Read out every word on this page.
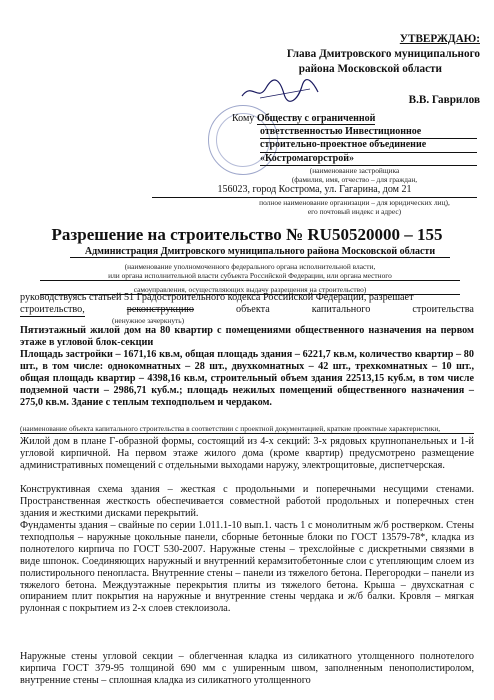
УТВЕРЖДАЮ:
Глава Дмитровского муниципального
района Московской области
В.В. Гаврилов
Кому Обществу с ограниченной
ответственностью Инвестиционное
строительно-проектное объединение
«Костромагорстрой»
(наименование застройщика
(фамилия, имя, отчество – для граждан,
156023, город Кострома, ул. Гагарина, дом 21
полное наименование организации – для юридических лиц),
его почтовый индекс и адрес)
Разрешение на строительство № RU50520000 – 155
Администрация Дмитровского муниципального района Московской области
(наименование уполномоченного федерального органа исполнительной власти,
или органа исполнительной власти субъекта Российской Федерации, или органа местного
самоуправления, осуществляющих выдачу разрешения на строительство)
руководствуясь статьей 51 Градостроительного кодекса Российской Федерации, разрешает
строительство,	реконструкцию	объекта	капитального	строительства
(ненужное зачеркнуть)
Пятиэтажный жилой дом на 80 квартир с помещениями общественного назначения на первом этаже в угловой блок-секции
Площадь застройки – 1671,16 кв.м, общая площадь здания – 6221,7 кв.м, количество квартир – 80 шт., в том числе: однокомнатных – 28 шт., двухкомнатных – 42 шт., трехкомнатных – 10 шт., общая площадь квартир – 4398,16 кв.м, строительный объем здания 22513,15 куб.м, в том числе подземной части – 2986,71 куб.м.; площадь нежилых помещений общественного назначения – 275,0 кв.м. Здание с теплым техподпольем и чердаком.
(наименование объекта капитального строительства в соответствии с проектной документацией, краткие проектные характеристики,
Жилой дом в плане Г-образной формы, состоящий из 4-х секций: 3-х рядовых крупнопанельных и 1-й угловой кирпичной. На первом этаже жилого дома (кроме квартир) предусмотрено размещение административных помещений с отдельными выходами наружу, электрощитовые, диспетчерская.
Конструктивная схема здания – жесткая с продольными и поперечными несущими стенами. Пространственная жесткость обеспечивается совместной работой продольных и поперечных стен здания и жесткими дисками перекрытий.
Фундаменты здания – свайные по серии 1.011.1-10 вып.1. часть 1 с монолитным ж/б ростверком. Стены техподполья – наружные цокольные панели, сборные бетонные блоки по ГОСТ 13579-78*, кладка из полнотелого кирпича по ГОСТ 530-2007. Наружные стены – трехслойные с дискретными связями в виде шпонок. Соединяющих наружный и внутренний керамзитобетонные слои с утепляющим слоем из полистирольного пенопласта. Внутренние стены – панели из тяжелого бетона. Перегородки – панели из тяжелого бетона. Междуэтажные перекрытия плиты из тяжелого бетона. Крыша – двухскатная с опиранием плит покрытия на наружные и внутренние стены чердака и ж/б балки. Кровля – мягкая рулонная с покрытием из 2-х слоев стеклоизола.
Наружные стены угловой секции – облегченная кладка из силикатного утолщенного полнотелого кирпича ГОСТ 379-95 толщиной 690 мм с уширенным швом, заполненным пенополистиролом, внутренние стены – сплошная кладка из силикатного утолщенного
